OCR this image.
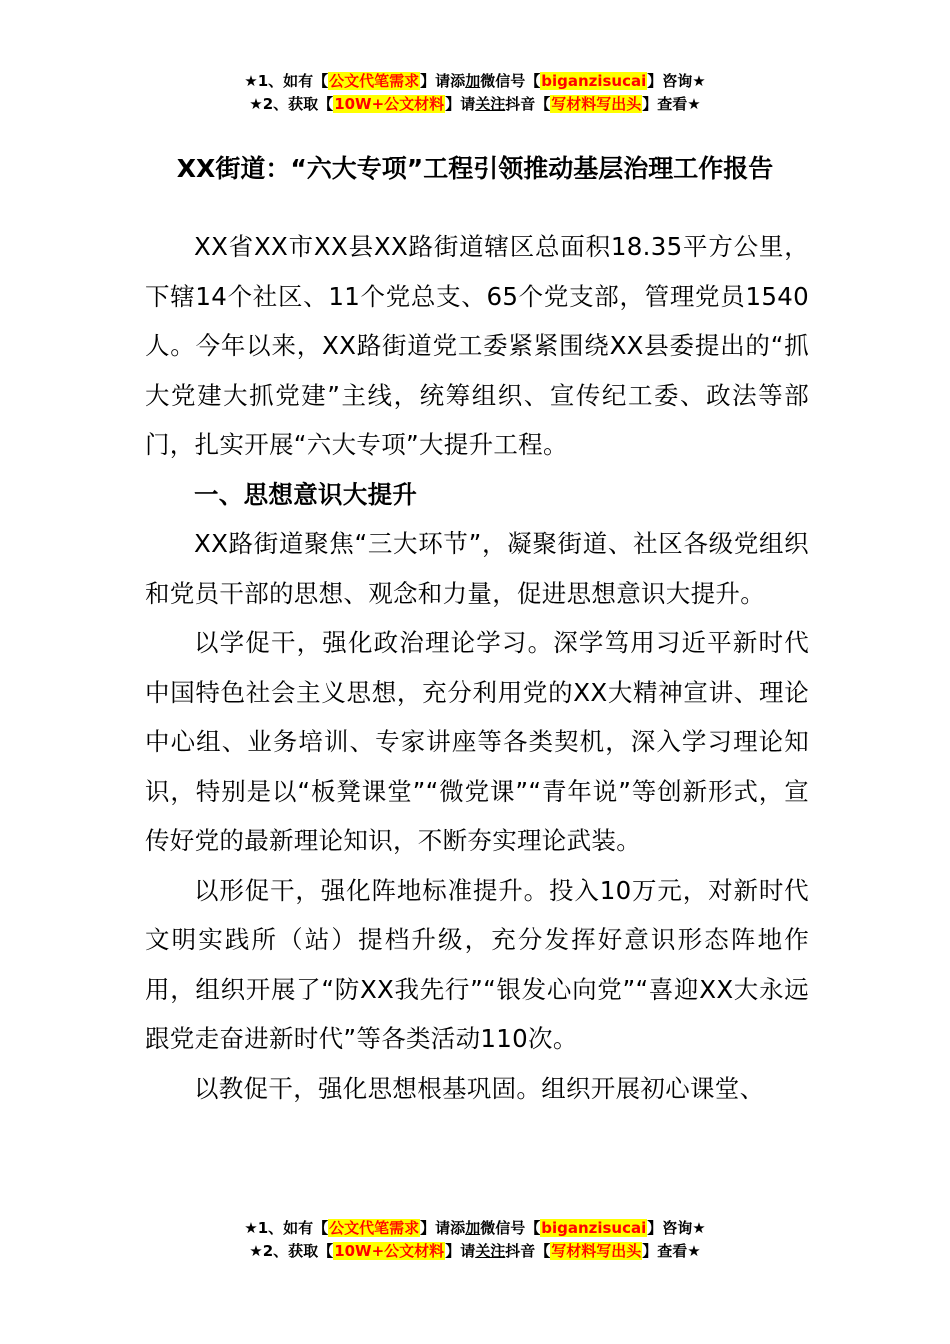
★1、如有【公文代笔需求】请添加微信号【biganzisucai】咨询★
★2、获取【10W+公文材料】请关注抖音【写材料写出头】查看★
XX街道：“六大专项”工程引领推动基层治理工作报告

XX省XX市XX县XX路街道辖区总面积18.35平方公里，下辖14个社区、11个党总支、65个党支部，管理党员1540人。今年以来，XX路街道党工委紧紧围绕XX县委提出的“抓大党建大抓党建”主线，统筹组织、宣传纪工委、政法等部门，扎实开展“六大专项”大提升工程。

一、思想意识大提升

XX路街道聚焦“三大环节”，凝聚街道、社区各级党组织和党员干部的思想、观念和力量，促进思想意识大提升。

以学促干，强化政治理论学习。深学笃用习近平新时代中国特色社会主义思想，充分利用党的XX大精神宣讲、理论中心组、业务培训、专家讲座等各类契机，深入学习理论知识，特别是以“板凳课堂”“微党课”“青年说”等创新形式，宣传好党的最新理论知识，不断夯实理论武装。

以形促干，强化阵地标准提升。投入10万元，对新时代文明实践所（站）提档升级，充分发挥好意识形态阵地作用，组织开展了“防XX我先行”“银发心向党”“喜迎XX大永远跟党走奋进新时代”等各类活动110次。

以教促干，强化思想根基巩固。组织开展初心课堂、

★1、如有【公文代笔需求】请添加微信号【biganzisucai】咨询★
★2、获取【10W+公文材料】请关注抖音【写材料写出头】查看★
